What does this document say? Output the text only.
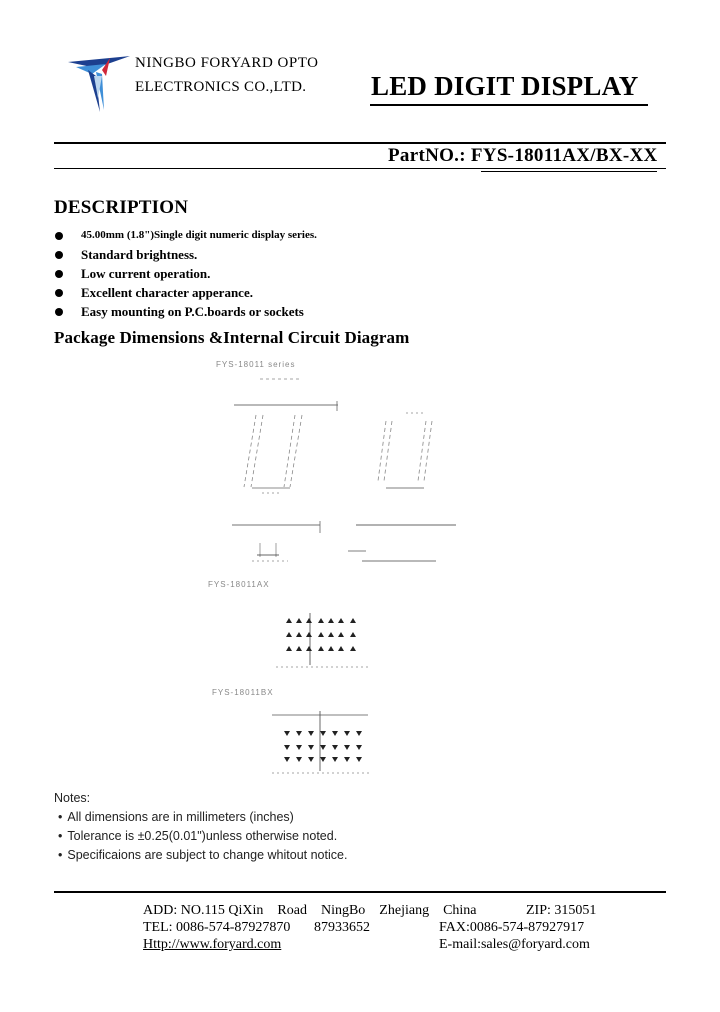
NINGBO FORYARD OPTO
ELECTRONICS CO.,LTD. LED DIGIT DISPLAY
PartNO.: FYS-18011AX/BX-XX
DESCRIPTION
45.00mm (1.8")Single digit numeric display series.
Standard brightness.
Low current operation.
Excellent character apperance.
Easy mounting on P.C.boards or sockets
Package Dimensions &Internal Circuit Diagram
FYS-18011 series
FYS-18011AX
FYS-18011BX
Notes:
• All dimensions are in millimeters (inches)
• Tolerance is ±0.25(0.01")unless otherwise noted.
• Specificaions are subject to change whitout notice.
ADD: NO.115 QiXin    Road    NingBo    Zhejiang    China	ZIP: 315051
TEL: 0086-574-87927870 87933652	FAX:0086-574-87927917
Http://www.foryard.com	E-mail:sales@foryard.com
